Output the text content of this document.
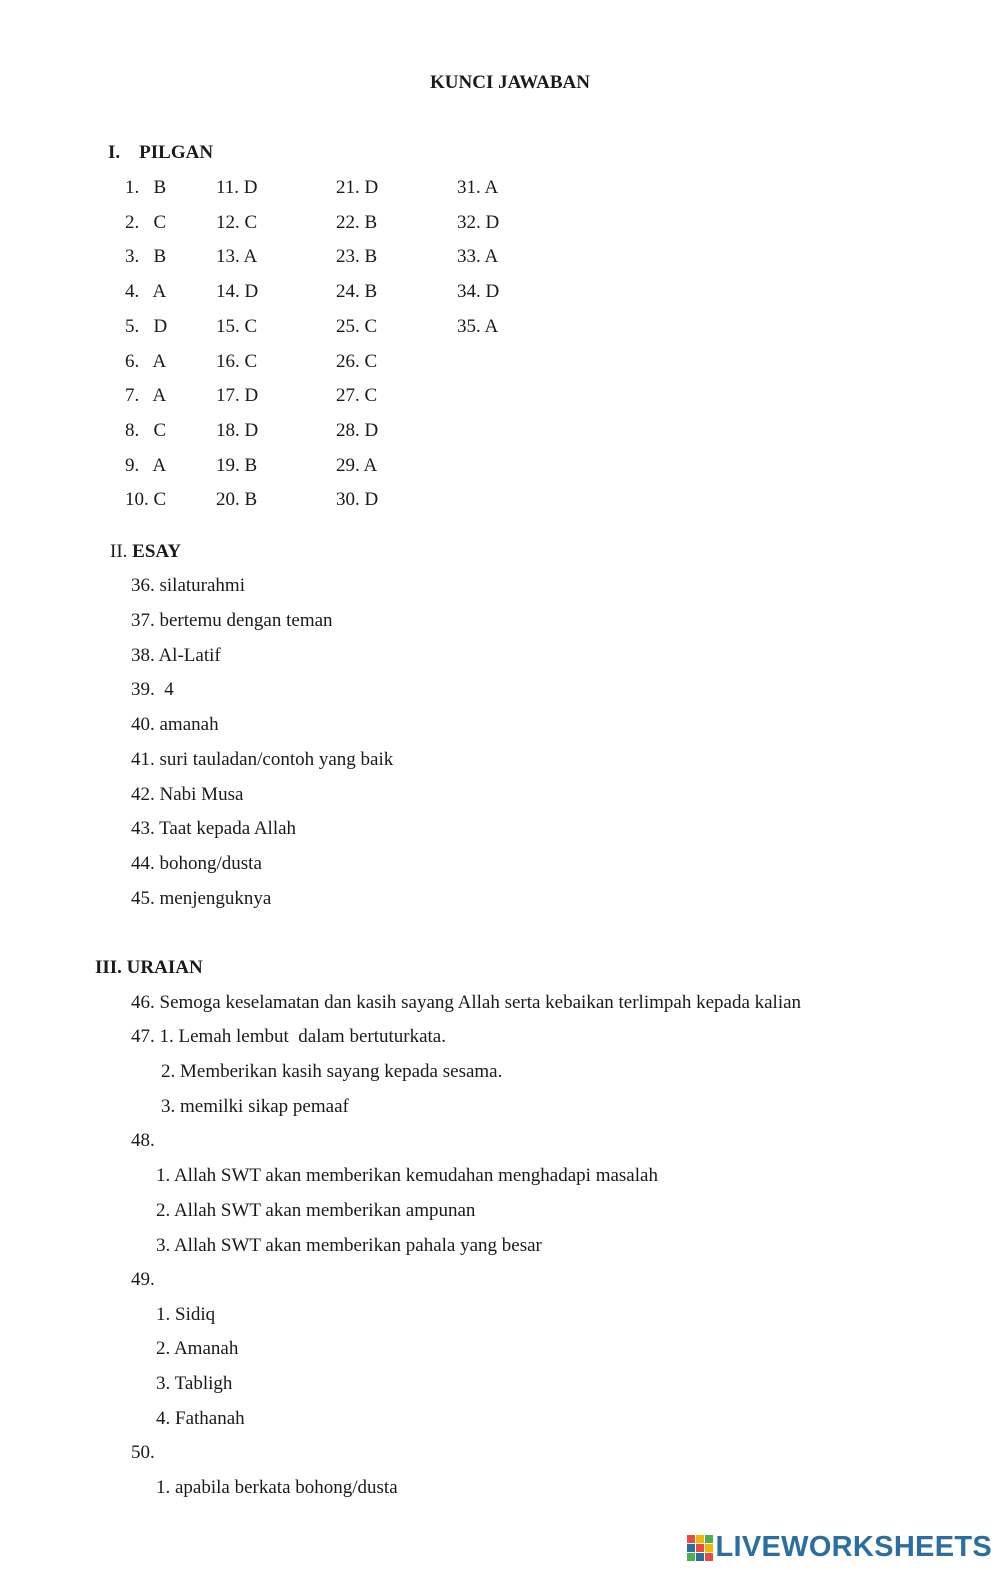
KUNCI JAWABAN
I.    PILGAN
1.   B
2.   C
3.   B
4.   A
5.   D
6.   A
7.   A
8.   C
9.   A
10. C
11. D
12. C
13. A
14. D
15. C
16. C
17. D
18. D
19. B
20. B
21. D
22. B
23. B
24. B
25. C
26. C
27. C
28. D
29. A
30. D
31. A
32. D
33. A
34. D
35. A
II. ESAY
36. silaturahmi
37. bertemu dengan teman
38. Al-Latif
39.  4
40. amanah
41. suri tauladan/contoh yang baik
42. Nabi Musa
43. Taat kepada Allah
44. bohong/dusta
45. menjenguknya
III. URAIAN
46. Semoga keselamatan dan kasih sayang Allah serta kebaikan terlimpah kepada kalian
47. 1. Lemah lembut  dalam bertuturkata.
2. Memberikan kasih sayang kepada sesama.
3. memilki sikap pemaaf
48.
1. Allah SWT akan memberikan kemudahan menghadapi masalah
2. Allah SWT akan memberikan ampunan
3. Allah SWT akan memberikan pahala yang besar
49.
1. Sidiq
2. Amanah
3. Tabligh
4. Fathanah
50.
1. apabila berkata bohong/dusta
LIVEWORKSHEETS
